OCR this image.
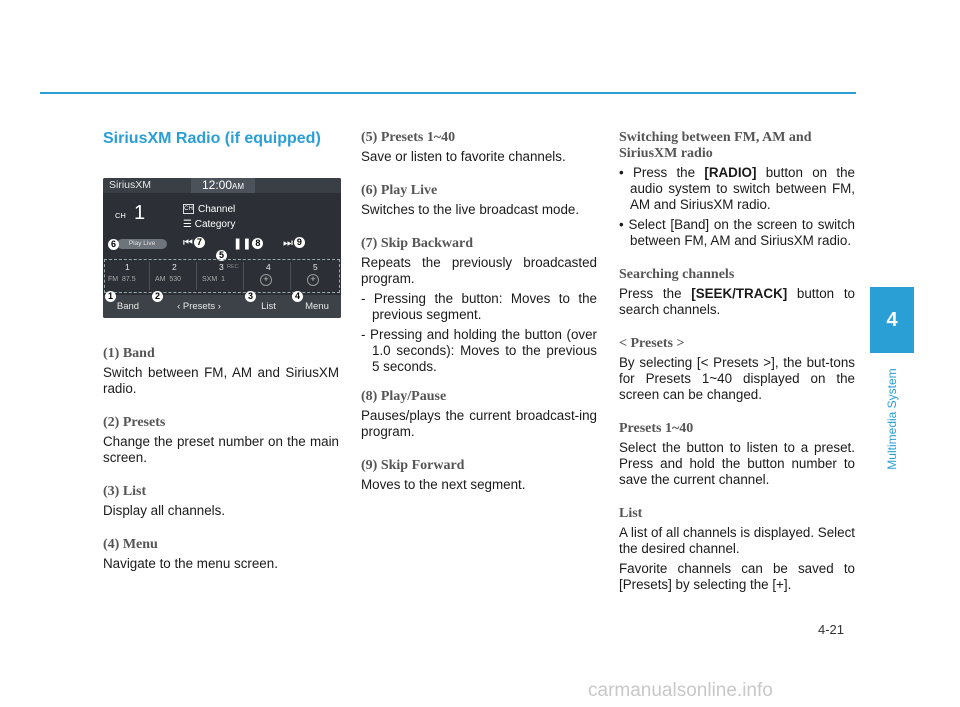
SiriusXM Radio (if equipped)
SiriusXM	12:00AM
CH 1	CH Channel
☰ Category
Play Live
6	⏮ 7	❚❚ 8 ⏭ 9
5
1
FM 87.5
2
AM 530
3
SXM 1
REC	4
+
5
+
Band
1	2
‹ Presets ›
3
List
4
Menu
(1) Band
Switch between FM, AM and SiriusXM radio.
(2) Presets
Change the preset number on the main screen.
(3) List
Display all channels.
(4) Menu
Navigate to the menu screen.
(5) Presets 1~40
Save or listen to favorite channels.
(6) Play Live
Switches to the live broadcast mode.
(7) Skip Backward
Repeats the previously broadcasted program.
- Pressing the button: Moves to the previous segment.
- Pressing and holding the button (over 1.0 seconds): Moves to the previous 5 seconds.
(8) Play/Pause
Pauses/plays the current broadcast-ing program.
(9) Skip Forward
Moves to the next segment.
Switching between FM, AM and SiriusXM radio
• Press the [RADIO] button on the audio system to switch between FM, AM and SiriusXM radio.
• Select [Band] on the screen to switch between FM, AM and SiriusXM radio.
Searching channels
Press the [SEEK/TRACK] button to search channels.
< Presets >
By selecting [< Presets >], the but-tons for Presets 1~40 displayed on the screen can be changed.
Presets 1~40
Select the button to listen to a preset. Press and hold the button number to save the current channel.
List
A list of all channels is displayed. Select the desired channel.
Favorite channels can be saved to [Presets] by selecting the [+].
4
Multimedia System
4-21
carmanualsonline.info
